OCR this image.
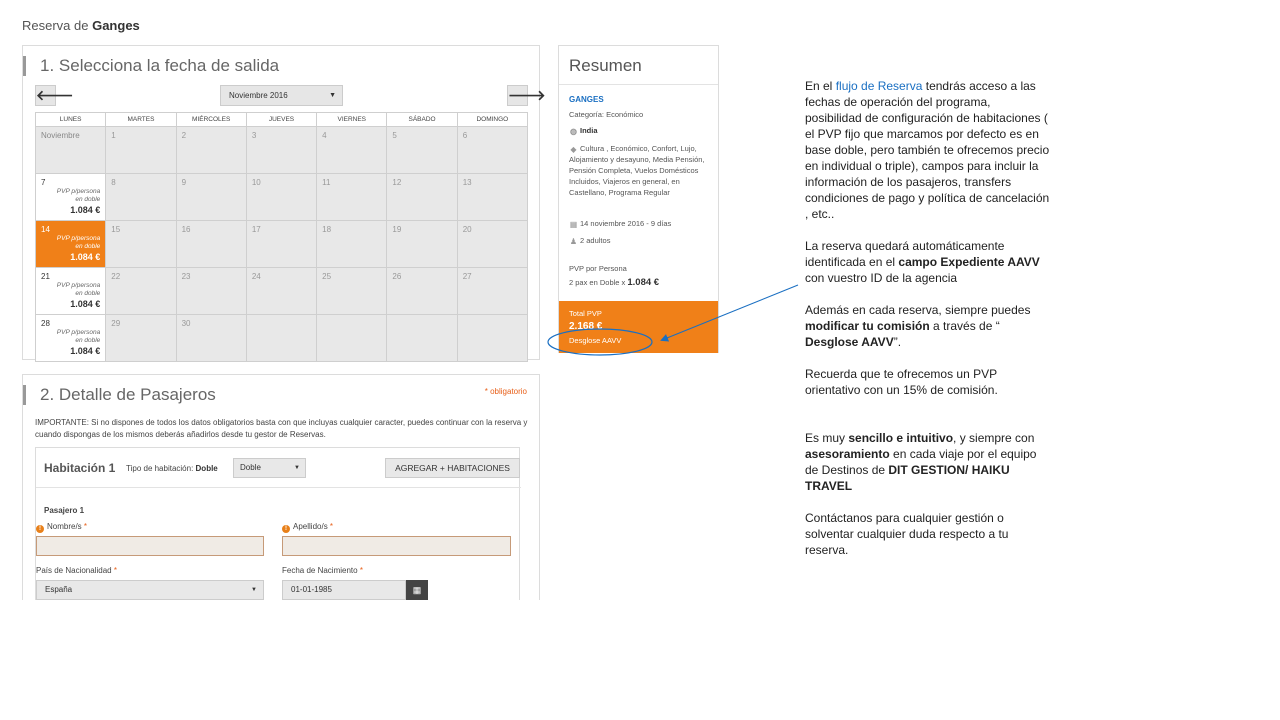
Reserva de Ganges
1. Selecciona la fecha de salida
🡐	Noviembre 2016	▼	🡒
LUNES	MARTES	MIÉRCOLES	JUEVES	VIERNES	SÁBADO	DOMINGO
Noviembre	1	2	3	4	5	6
7
PVP p/persona
en doble
1.084 €	8	9	10	11	12	13
14
PVP p/persona
en doble
1.084 €	15	16	17	18	19	20
21
PVP p/persona
en doble
1.084 €	22	23	24	25	26	27
28
PVP p/persona
en doble
1.084 €	29	30				
2. Detalle de Pasajeros	* obligatorio
IMPORTANTE: Si no dispones de todos los datos obligatorios basta con que incluyas cualquier caracter, puedes continuar con la reserva y cuando dispongas de los mismos deberás añadirlos desde tu gestor de Reservas.
Habitación 1 Tipo de habitación: Doble	Doble	▼	AGREGAR + HABITACIONES
Pasajero 1
! Nombre/s *	! Apellido/s *
País de Nacionalidad *
España	▼
Fecha de Nacimiento *
01-01-1985	▦
Resumen
GANGES
Categoría: Económico
◍ India
◆ Cultura , Económico, Confort, Lujo, Alojamiento y desayuno, Media Pensión, Pensión Completa, Vuelos Domésticos Incluidos, Viajeros en general, en Castellano, Programa Regular
▦ 14 noviembre 2016 - 9 días
♟ 2 adultos
PVP por Persona
2 pax en Doble x 1.084 €
Total PVP
2.168 €
Desglose AAVV

En el flujo de Reserva tendrás acceso a las fechas de operación del programa, posibilidad de configuración de habitaciones ( el PVP fijo que marcamos por defecto es en base doble, pero también te ofrecemos precio en individual o triple), campos para incluir la información de los pasajeros, transfers condiciones de pago y política de cancelación , etc..

La reserva quedará automáticamente identificada en el campo Expediente AAVV con vuestro ID de la agencia

Además en cada reserva, siempre puedes modificar tu comisión a través de “ Desglose AAVV”.

Recuerda que te ofrecemos un PVP orientativo con un 15% de comisión.

Es muy sencillo e intuitivo, y siempre con asesoramiento en cada viaje por el equipo de Destinos de DIT GESTION/ HAIKU TRAVEL

Contáctanos para cualquier gestión o solventar cualquier duda respecto a tu reserva.
